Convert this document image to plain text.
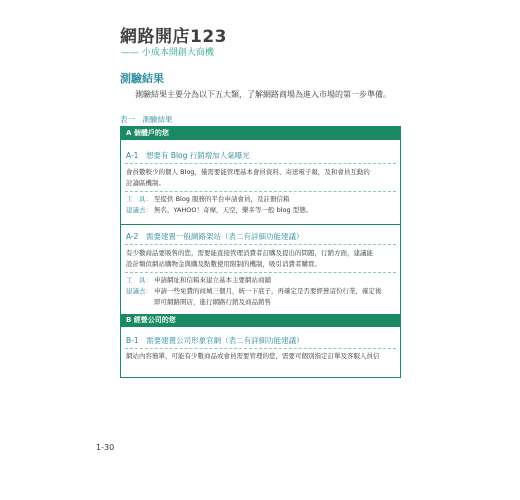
網路開店123
—— 小成本開創大商機
測驗結果
測驗結果主要分為以下五大類，了解網路商場為進入市場的第一步準備。
表一　測驗結果
A 個體戶的您
A-1　想要有 Blog 行銷增加人氣曝光
會員數較少的個人 Blog，僅需要能管理基本會員資料、寄送電子報，及和會員互動的
討論區機制。
工　具： 至提供 Blog 服務的平台申請會員，及註冊信箱
建議去： 無名，YAHOO！奇摩，天空，樂多等一般 blog 型態。
A-2　需要建置一般網路架站（表二有詳細功能建議）
有少數商品要販售的您，需要能直接管理消費者訂購及提出的問題，行銷方面，建議能
設計類似網站購物金與購及點數使用限制的機制，吸引消費者購買。
工　具： 申請網址和信箱來建立基本主要網站商鋪
建議去： 申請一些免費的商城三個月，統一下底子，再確定是否要經營這份行業，確定後
即可網路開店，進行網路行銷及商品銷售
B 經營公司的您
B-1　需要建置公司形象官網（表二有詳細功能建議）
網站內容簡單，可能有少數商品或會員需要管理的您，需要可個別指定訂單及客服人員信
1-30
